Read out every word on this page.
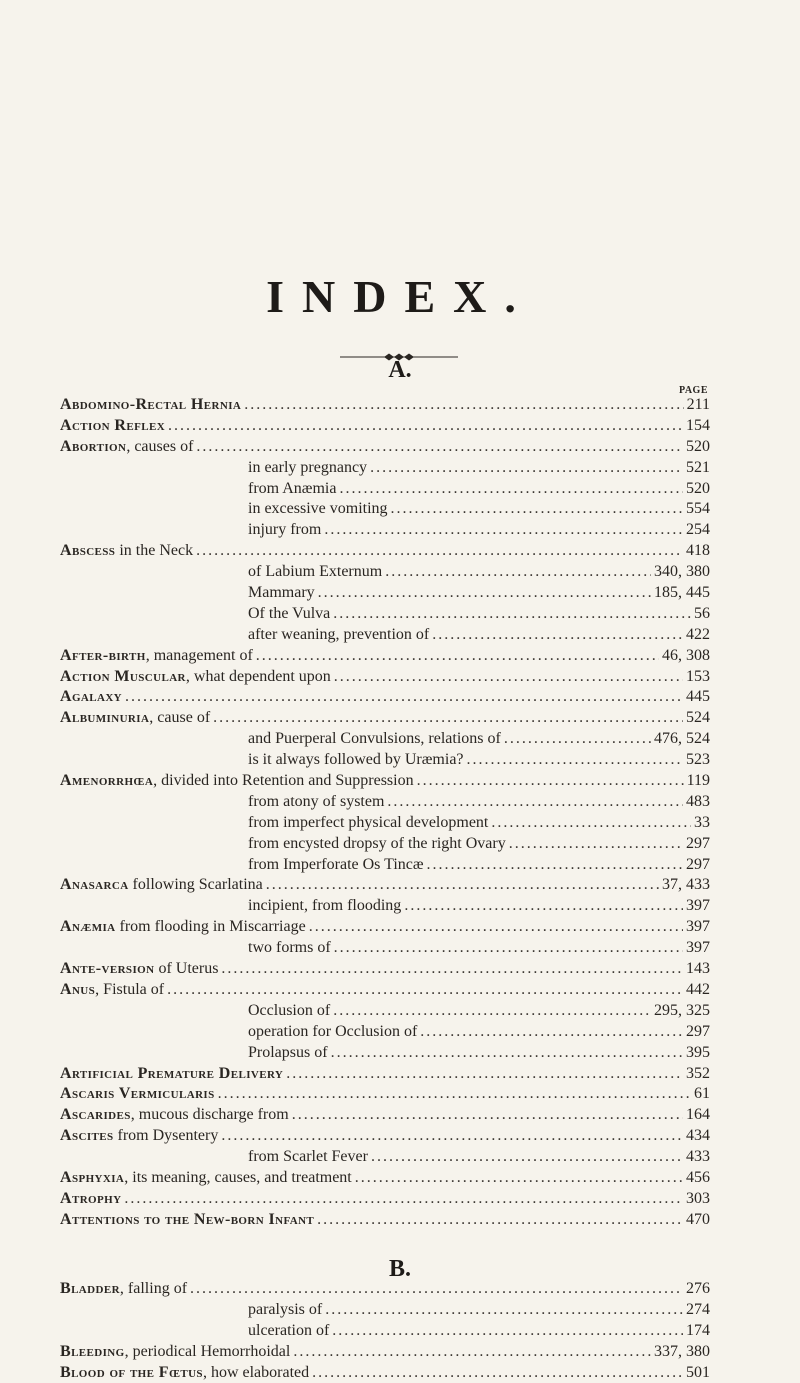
INDEX.
A.
PAGE
Abdomino-Rectal Hernia .....	211
Action Reflex .....	154
Abortion, causes of .....	520
in early pregnancy .....	521
from Anæmia .....	520
in excessive vomiting .....	554
injury from .....	254
Abscess in the Neck .....	418
of Labium Externum .....	340, 380
Mammary .....	185, 445
Of the Vulva .....	56
after weaning, prevention of .....	422
After-birth, management of .....	46, 308
Action Muscular, what dependent upon .....	153
Agalaxy .....	445
Albuminuria, cause of .....	524
and Puerperal Convulsions, relations of .....	476, 524
is it always followed by Uræmia? .....	523
Amenorrhœa, divided into Retention and Suppression .....	119
from atony of system .....	483
from imperfect physical development .....	33
from encysted dropsy of the right Ovary .....	297
from Imperforate Os Tincæ .....	297
Anasarca following Scarlatina .....	37, 433
incipient, from flooding .....	397
Anæmia from flooding in Miscarriage .....	397
two forms of .....	397
Ante-version of Uterus .....	143
Anus, Fistula of .....	442
Occlusion of .....	295, 325
operation for Occlusion of .....	297
Prolapsus of .....	395
Artificial Premature Delivery .....	352
Ascaris Vermicularis .....	61
Ascarides, mucous discharge from .....	164
Ascites from Dysentery .....	434
from Scarlet Fever .....	433
Asphyxia, its meaning, causes, and treatment .....	456
Atrophy .....	303
Attentions to the New-born Infant .....	470
B.
Bladder, falling of .....	276
paralysis of .....	274
ulceration of .....	174
Bleeding, periodical Hemorrhoidal .....	337, 380
Blood of the Fœtus, how elaborated .....	501
